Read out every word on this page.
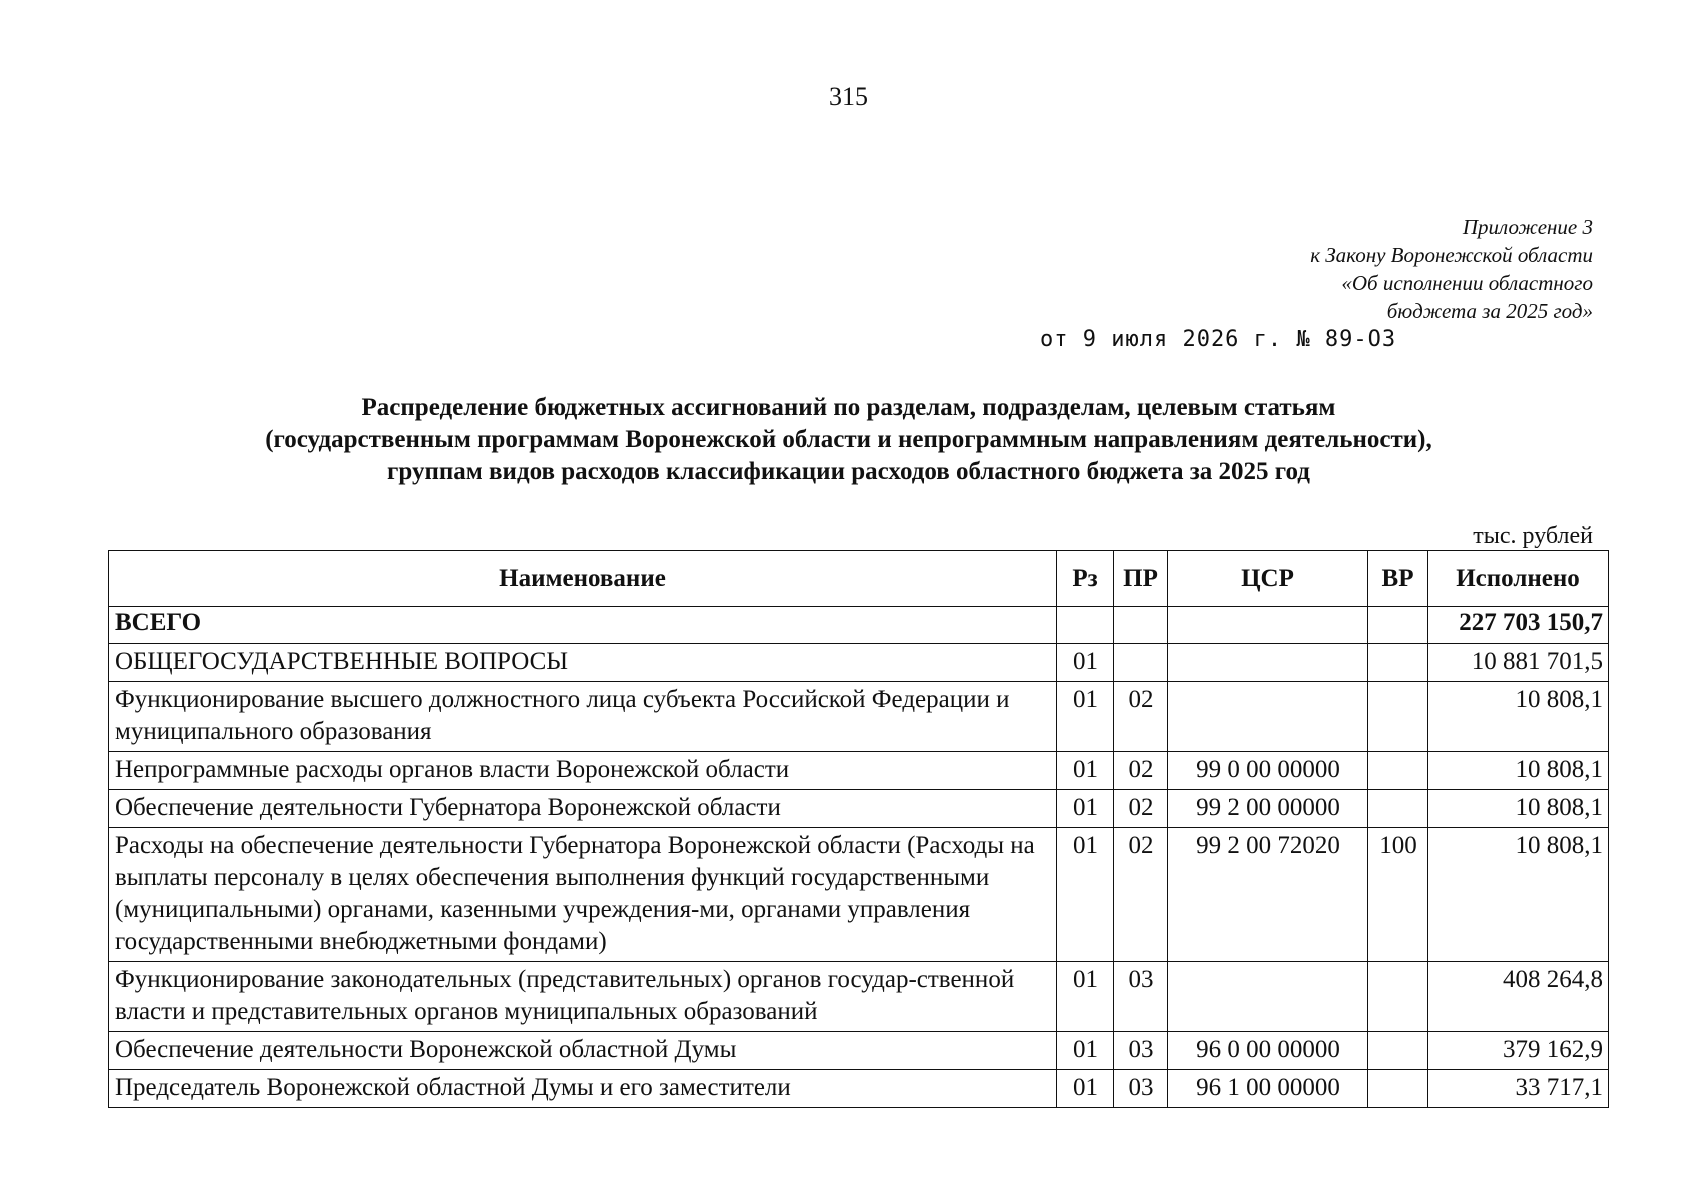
315
Приложение 3
к Закону Воронежской области
«Об исполнении областного
бюджета за 2025 год»
от 9 июля 2026 г. № 89-ОЗ
Распределение бюджетных ассигнований по разделам, подразделам, целевым статьям
(государственным программам Воронежской области и непрограммным направлениям деятельности),
группам видов расходов классификации расходов областного бюджета за 2025 год
тыс. рублей
Наименование	Рз	ПР	ЦСР	ВР	Исполнено
ВСЕГО					227 703 150,7
ОБЩЕГОСУДАРСТВЕННЫЕ ВОПРОСЫ	01				10 881 701,5
Функционирование высшего должностного лица субъекта Российской Федерации и муниципального образования	01	02			10 808,1
Непрограммные расходы органов власти Воронежской области	01	02	99 0 00 00000		10 808,1
Обеспечение деятельности Губернатора Воронежской области	01	02	99 2 00 00000		10 808,1
Расходы на обеспечение деятельности Губернатора Воронежской области (Расходы на выплаты персоналу в целях обеспечения выполнения функций государственными (муниципальными) органами, казенными учреждения-ми, органами управления государственными внебюджетными фондами)	01	02	99 2 00 72020	100	10 808,1
Функционирование законодательных (представительных) органов государ-ственной власти и представительных органов муниципальных образований	01	03			408 264,8
Обеспечение деятельности Воронежской областной Думы	01	03	96 0 00 00000		379 162,9
Председатель Воронежской областной Думы и его заместители	01	03	96 1 00 00000		33 717,1
